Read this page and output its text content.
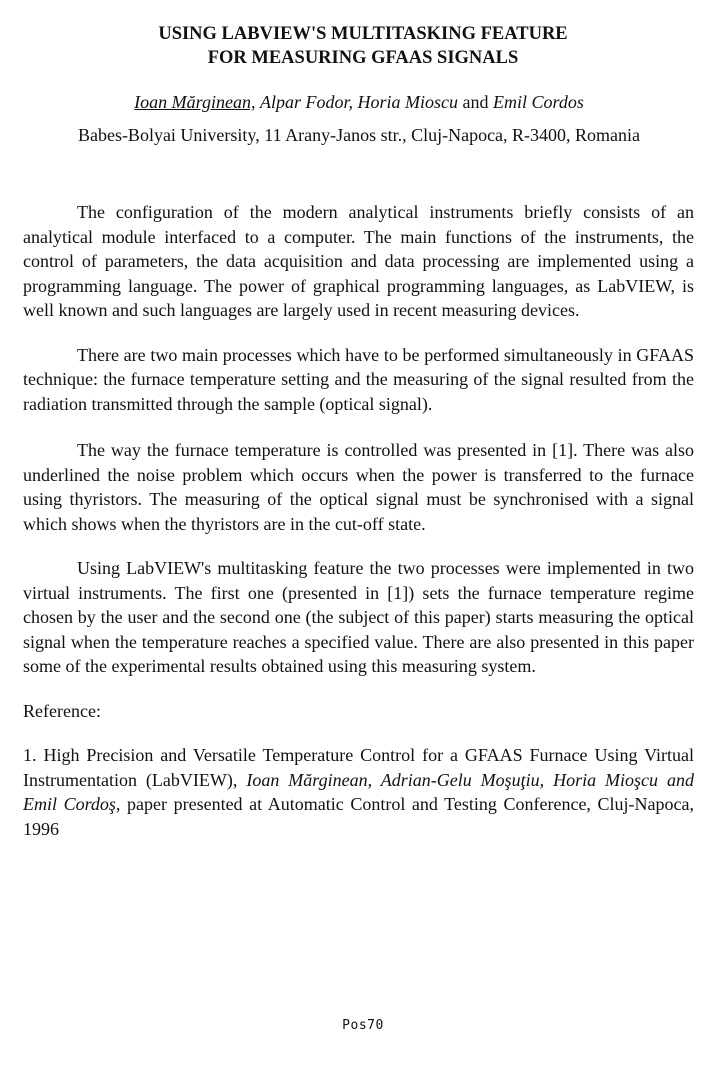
USING LABVIEW'S MULTITASKING FEATURE
FOR MEASURING GFAAS SIGNALS
Ioan Mărginean, Alpar Fodor, Horia Mioscu and Emil Cordos
Babes-Bolyai University, 11 Arany-Janos str., Cluj-Napoca, R-3400, Romania

The configuration of the modern analytical instruments briefly consists of an analytical module interfaced to a computer. The main functions of the instruments, the control of parameters, the data acquisition and data processing are implemented using a programming language. The power of graphical programming languages, as LabVIEW, is well known and such languages are largely used in recent measuring devices.

There are two main processes which have to be performed simultaneously in GFAAS technique: the furnace temperature setting and the measuring of the signal resulted from the radiation transmitted through the sample (optical signal).

The way the furnace temperature is controlled was presented in [1]. There was also underlined the noise problem which occurs when the power is transferred to the furnace using thyristors. The measuring of the optical signal must be synchronised with a signal which shows when the thyristors are in the cut-off state.

Using LabVIEW's multitasking feature the two processes were implemented in two virtual instruments. The first one (presented in [1]) sets the furnace temperature regime chosen by the user and the second one (the subject of this paper) starts measuring the optical signal when the temperature reaches a specified value. There are also presented in this paper some of the experimental results obtained using this measuring system.

Reference:

1. High Precision and Versatile Temperature Control for a GFAAS Furnace Using Virtual Instrumentation (LabVIEW), Ioan Mărginean, Adrian-Gelu Moşuţiu, Horia Mioşcu and Emil Cordoş, paper presented at Automatic Control and Testing Conference, Cluj-Napoca, 1996

Pos70
